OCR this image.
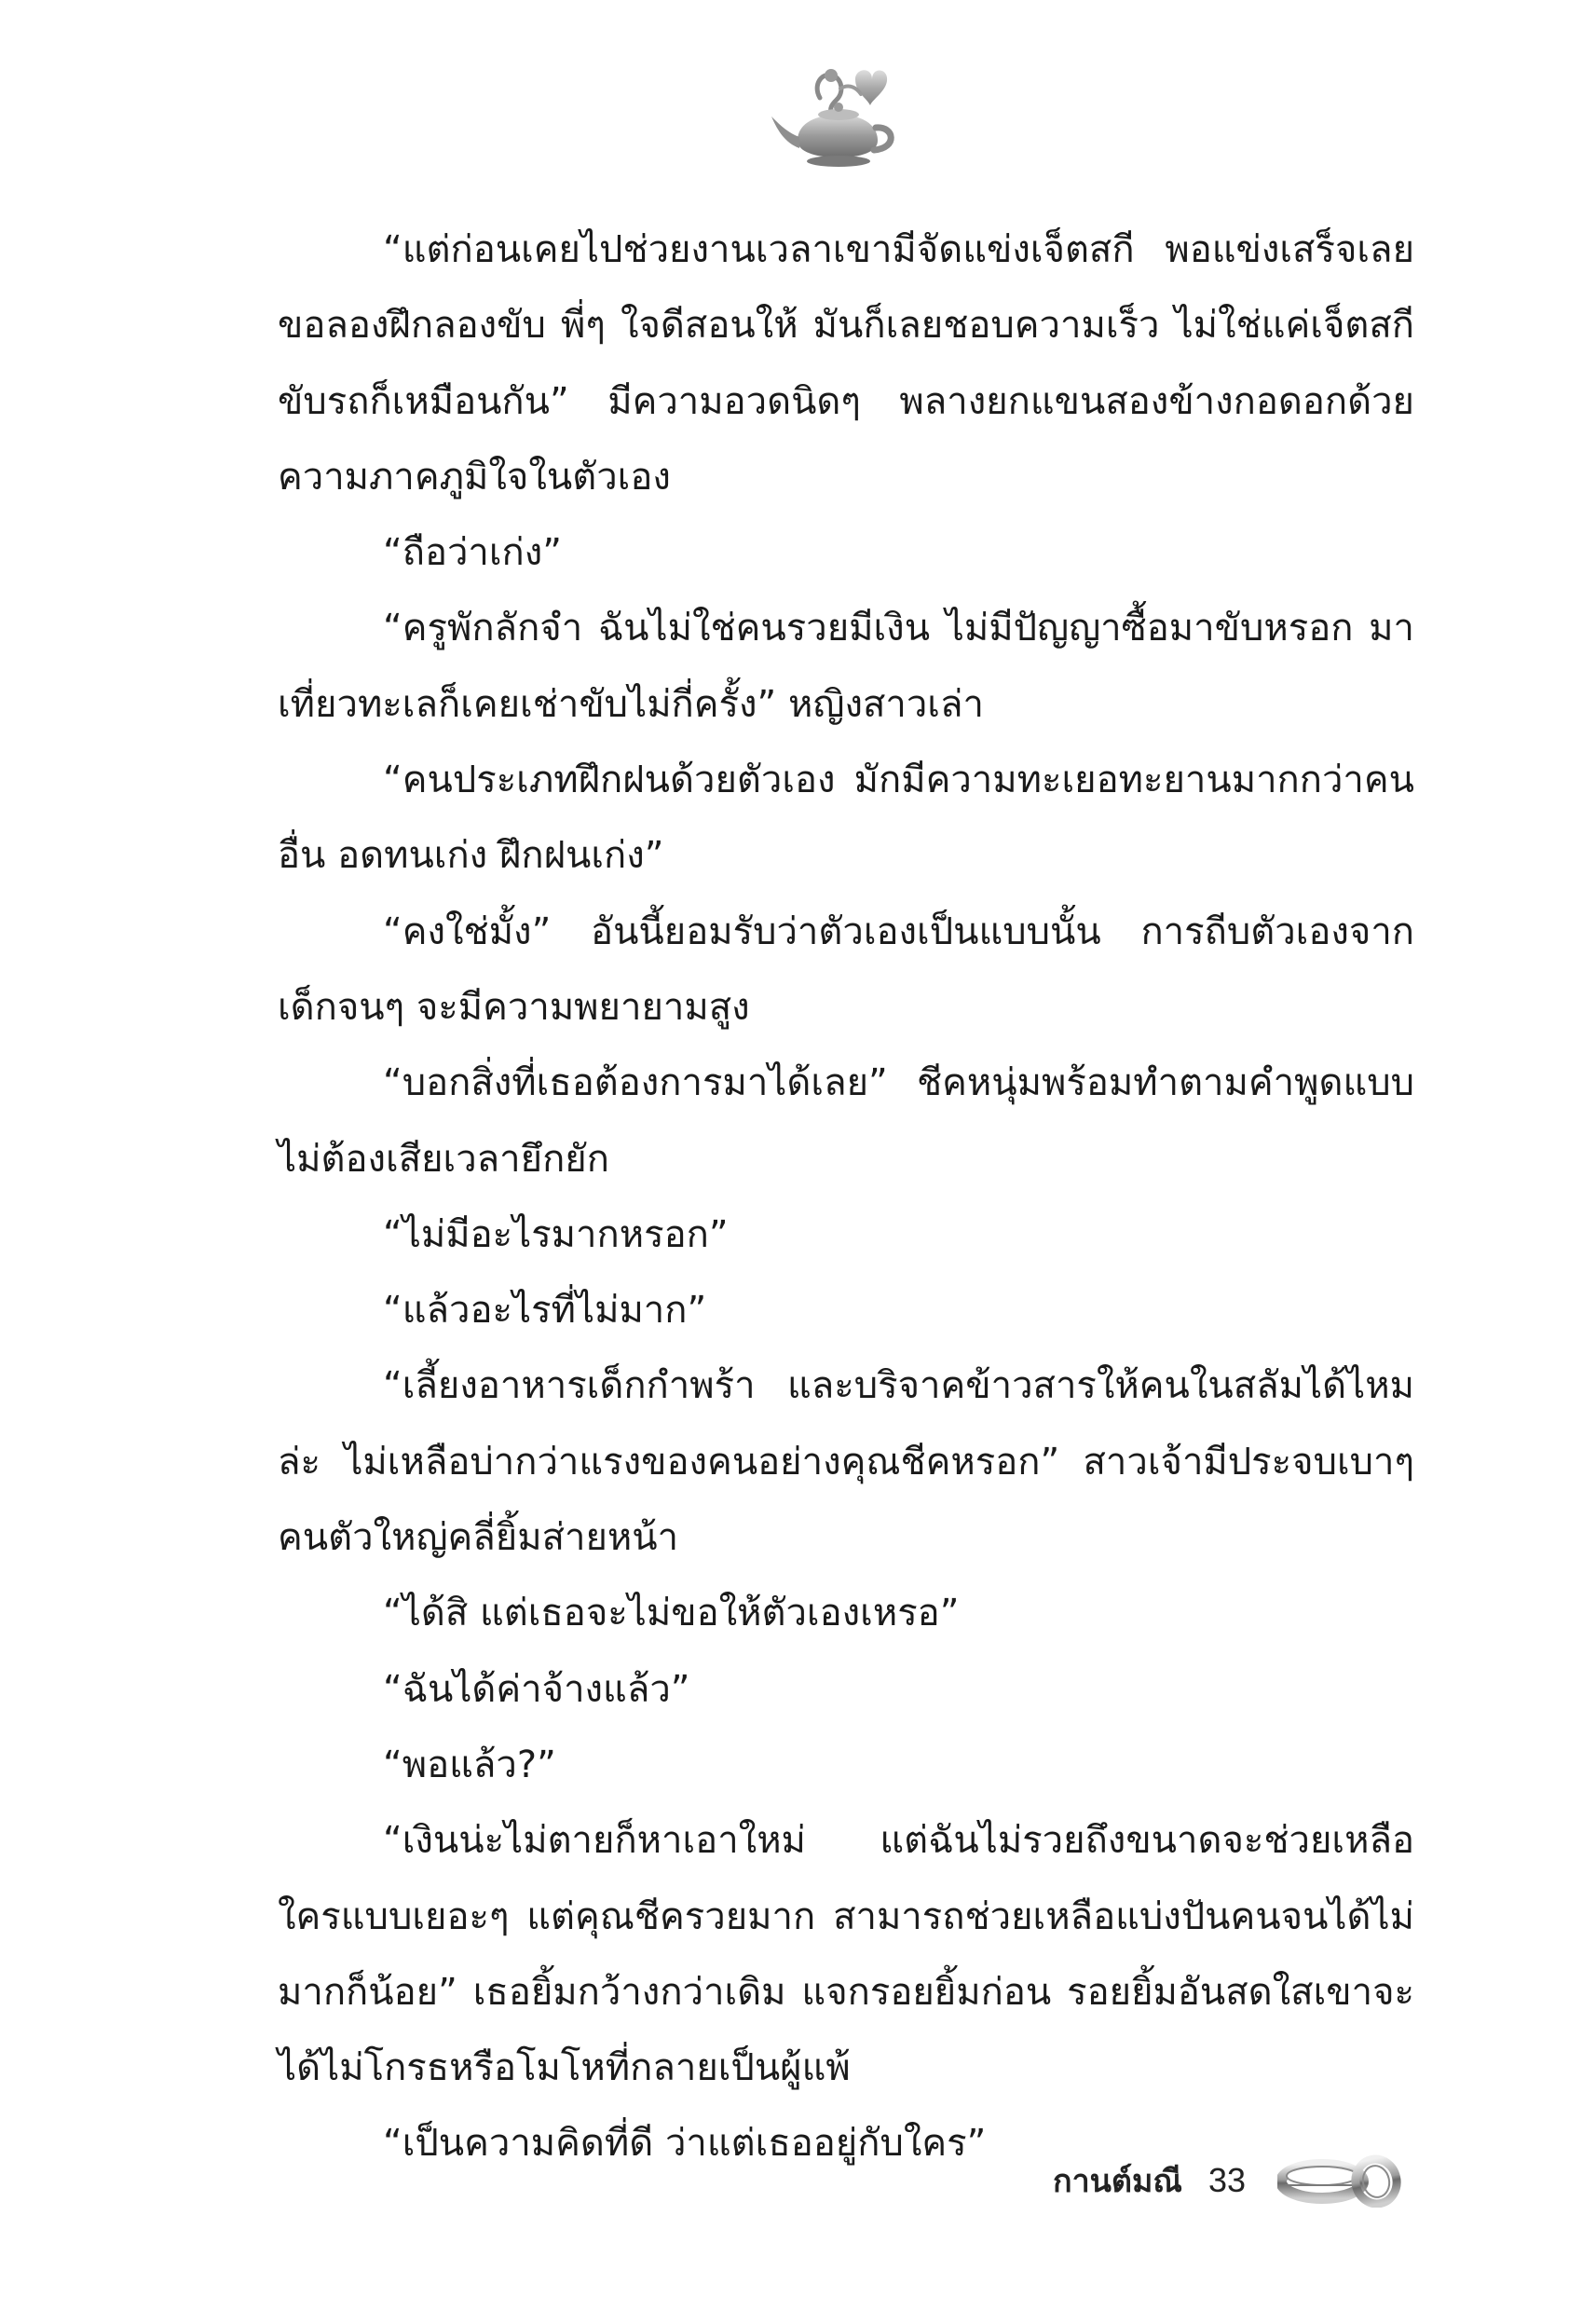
“แต่ก่อนเคยไปช่วยงานเวลาเขามีจัดแข่งเจ็ตสกี พอแข่งเสร็จเลยขอลองฝึกลองขับ พี่ๆ ใจดีสอนให้ มันก็เลยชอบความเร็ว ไม่ใช่แค่เจ็ตสกี ขับรถก็เหมือนกัน” มีความอวดนิดๆ พลางยกแขนสองข้างกอดอกด้วยความภาคภูมิใจในตัวเอง

“ถือว่าเก่ง”

“ครูพักลักจำ ฉันไม่ใช่คนรวยมีเงิน ไม่มีปัญญาซื้อมาขับหรอก มาเที่ยวทะเลก็เคยเช่าขับไม่กี่ครั้ง” หญิงสาวเล่า

“คนประเภทฝึกฝนด้วยตัวเอง มักมีความทะเยอทะยานมากกว่าคนอื่น อดทนเก่ง ฝึกฝนเก่ง”

“คงใช่มั้ง” อันนี้ยอมรับว่าตัวเองเป็นแบบนั้น การถีบตัวเองจากเด็กจนๆ จะมีความพยายามสูง

“บอกสิ่งที่เธอต้องการมาได้เลย” ชีคหนุ่มพร้อมทำตามคำพูดแบบไม่ต้องเสียเวลายึกยัก

“ไม่มีอะไรมากหรอก”

“แล้วอะไรที่ไม่มาก”

“เลี้ยงอาหารเด็กกำพร้า และบริจาคข้าวสารให้คนในสลัมได้ไหมล่ะ ไม่เหลือบ่ากว่าแรงของคนอย่างคุณชีคหรอก” สาวเจ้ามีประจบเบาๆ คนตัวใหญ่คลี่ยิ้มส่ายหน้า

“ได้สิ แต่เธอจะไม่ขอให้ตัวเองเหรอ”

“ฉันได้ค่าจ้างแล้ว”

“พอแล้ว?”

“เงินน่ะไม่ตายก็หาเอาใหม่ แต่ฉันไม่รวยถึงขนาดจะช่วยเหลือใครแบบเยอะๆ แต่คุณชีครวยมาก สามารถช่วยเหลือแบ่งปันคนจนได้ไม่มากก็น้อย” เธอยิ้มกว้างกว่าเดิม แจกรอยยิ้มก่อน รอยยิ้มอันสดใสเขาจะได้ไม่โกรธหรือโมโหที่กลายเป็นผู้แพ้

“เป็นความคิดที่ดี ว่าแต่เธออยู่กับใคร”

กานต์มณี 33
